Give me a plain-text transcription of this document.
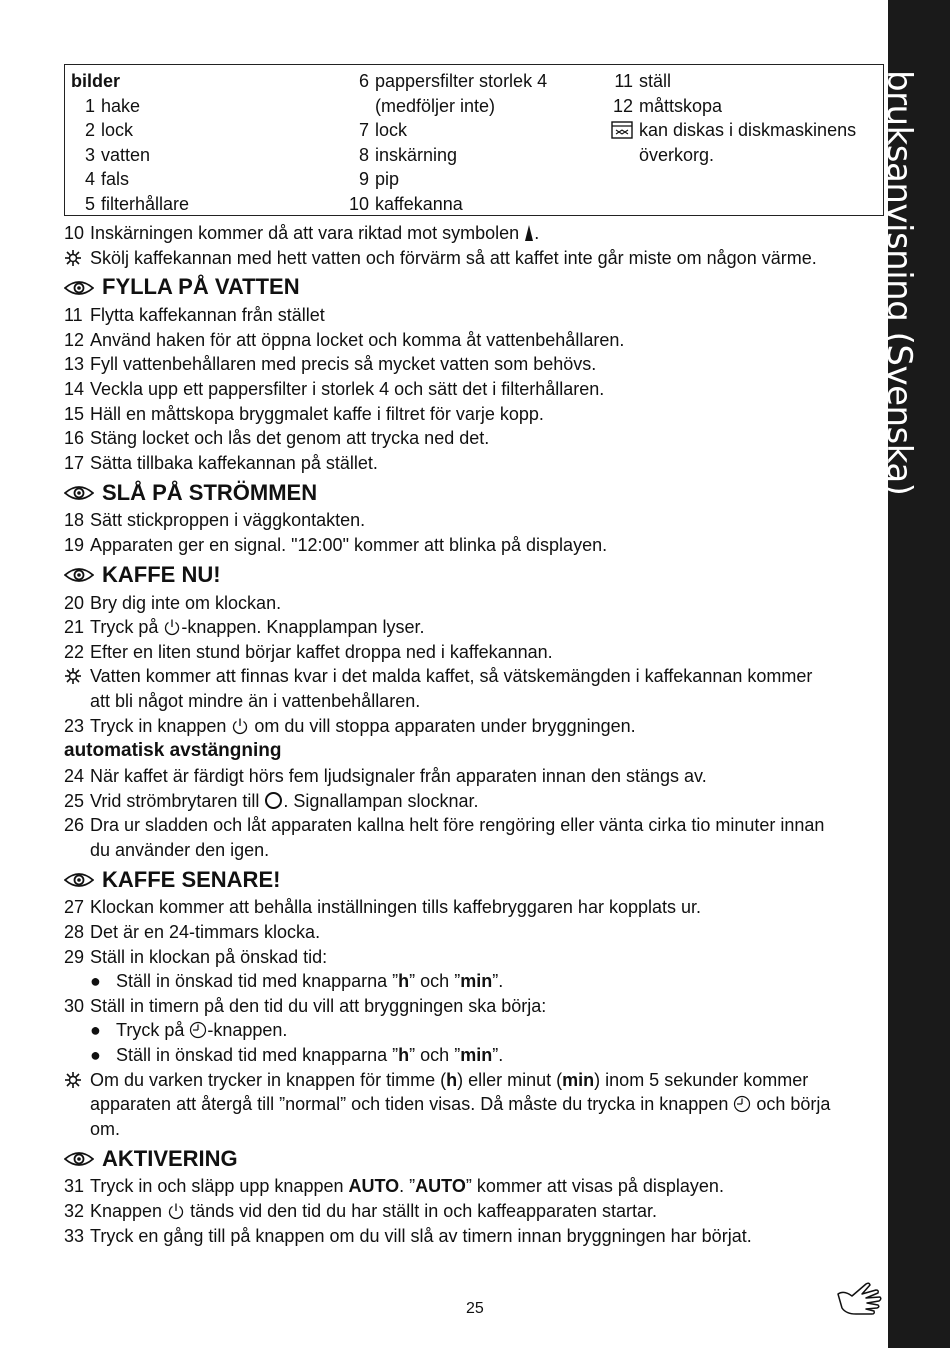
bruksanvisning (Svenska)
bilder
1 hake
2 lock
3 vatten
4 fals
5 filterhållare
6 pappersfilter storlek 4
(medföljer inte)
7 lock
8 inskärning
9 pip
10 kaffekanna
11 ställ
12 måttskopa
kan diskas i diskmaskinens
överkorg.
10 Inskärningen kommer då att vara riktad mot symbolen .
Skölj kaffekannan med hett vatten och förvärm så att kaffet inte går miste om någon värme.
FYLLA PÅ VATTEN
11 Flytta kaffekannan från stället
12 Använd haken för att öppna locket och komma åt vattenbehållaren.
13 Fyll vattenbehållaren med precis så mycket vatten som behövs.
14 Veckla upp ett pappersfilter i storlek 4 och sätt det i filterhållaren.
15 Häll en måttskopa bryggmalet kaffe i filtret för varje kopp.
16 Stäng locket och lås det genom att trycka ned det.
17 Sätta tillbaka kaffekannan på stället.
SLÅ PÅ STRÖMMEN
18 Sätt stickproppen i väggkontakten.
19 Apparaten ger en signal. "12:00" kommer att blinka på displayen.
KAFFE NU!
20 Bry dig inte om klockan.
21 Tryck på -knappen. Knapplampan lyser.
22 Efter en liten stund börjar kaffet droppa ned i kaffekannan.
Vatten kommer att finnas kvar i det malda kaffet, så vätskemängden i kaffekannan kommer
att bli något mindre än i vattenbehållaren.
23 Tryck in knappen  om du vill stoppa apparaten under bryggningen.
automatisk avstängning
24 När kaffet är färdigt hörs fem ljudsignaler från apparaten innan den stängs av.
25 Vrid strömbrytaren till . Signallampan slocknar.
26 Dra ur sladden och låt apparaten kallna helt före rengöring eller vänta cirka tio minuter innan
du använder den igen.
KAFFE SENARE!
27 Klockan kommer att behålla inställningen tills kaffebryggaren har kopplats ur.
28 Det är en 24-timmars klocka.
29 Ställ in klockan på önskad tid:
● Ställ in önskad tid med knapparna ”h” och ”min”.
30 Ställ in timern på den tid du vill att bryggningen ska börja:
● Tryck på -knappen.
● Ställ in önskad tid med knapparna ”h” och ”min”.
Om du varken trycker in knappen för timme (h) eller minut (min) inom 5 sekunder kommer
apparaten att återgå till ”normal” och tiden visas. Då måste du trycka in knappen  och börja
om.
AKTIVERING
31 Tryck in och släpp upp knappen AUTO. ”AUTO” kommer att visas på displayen.
32 Knappen  tänds vid den tid du har ställt in och kaffeapparaten startar.
33 Tryck en gång till på knappen om du vill slå av timern innan bryggningen har börjat.
25
